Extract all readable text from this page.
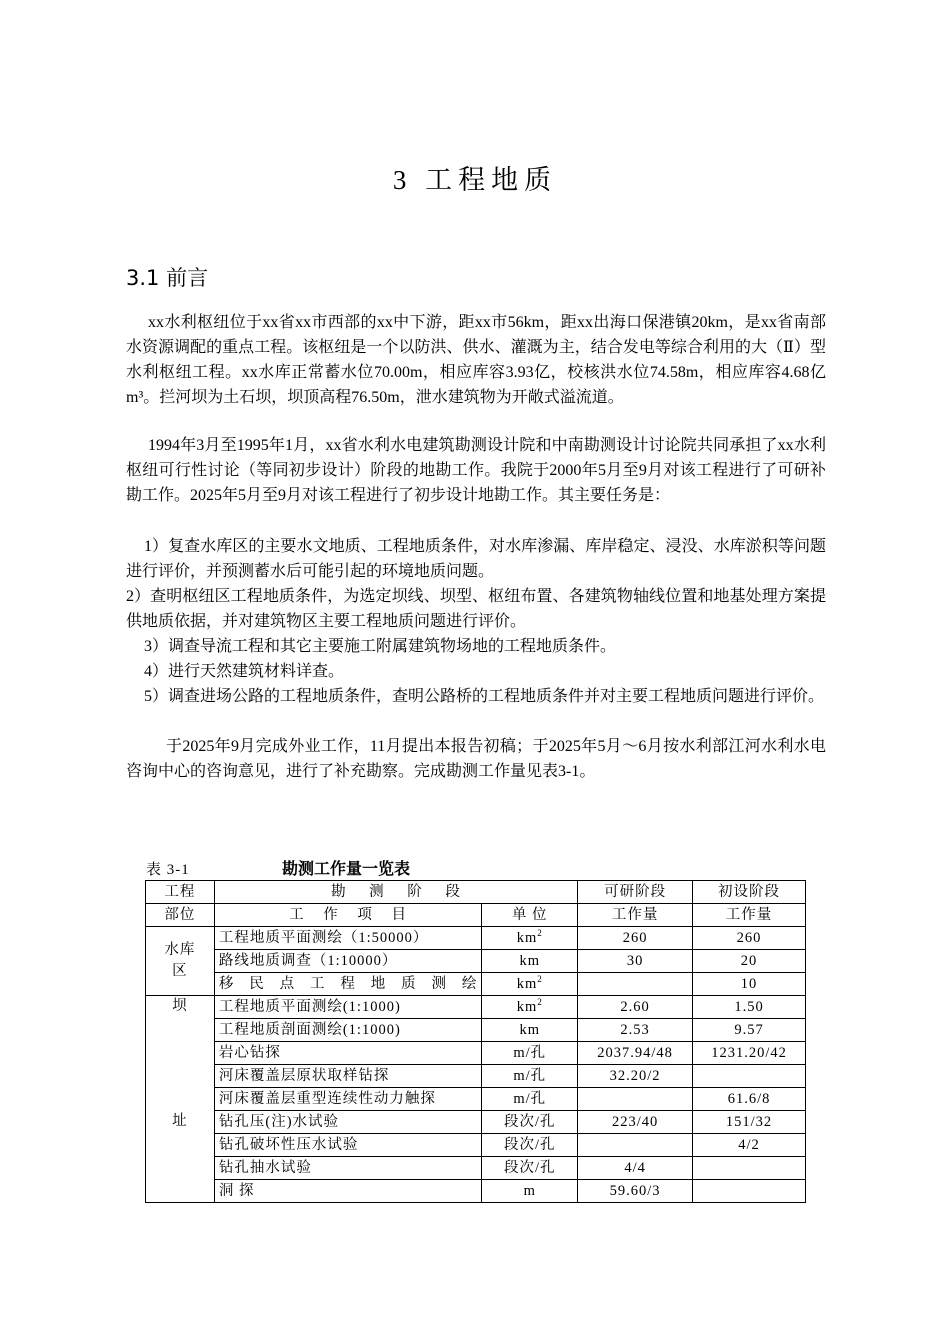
3 工程地质
3.1 前言

xx水利枢纽位于xx省xx市西部的xx中下游，距xx市56km，距xx出海口保港镇20km，是xx省南部水资源调配的重点工程。该枢纽是一个以防洪、供水、灌溉为主，结合发电等综合利用的大（Ⅱ）型水利枢纽工程。xx水库正常蓄水位70.00m，相应库容3.93亿，校核洪水位74.58m，相应库容4.68亿m³。拦河坝为土石坝，坝顶高程76.50m，泄水建筑物为开敞式溢流道。

1994年3月至1995年1月，xx省水利水电建筑勘测设计院和中南勘测设计讨论院共同承担了xx水利枢纽可行性讨论（等同初步设计）阶段的地勘工作。我院于2000年5月至9月对该工程进行了可研补勘工作。2025年5月至9月对该工程进行了初步设计地勘工作。其主要任务是：

1）复查水库区的主要水文地质、工程地质条件，对水库渗漏、库岸稳定、浸没、水库淤积等问题进行评价，并预测蓄水后可能引起的环境地质问题。

2）查明枢纽区工程地质条件，为选定坝线、坝型、枢纽布置、各建筑物轴线位置和地基处理方案提供地质依据，并对建筑物区主要工程地质问题进行评价。

3）调查导流工程和其它主要施工附属建筑物场地的工程地质条件。

4）进行天然建筑材料详查。

5）调查进场公路的工程地质条件，查明公路桥的工程地质条件并对主要工程地质问题进行评价。

于2025年9月完成外业工作，11月提出本报告初稿；于2025年5月～6月按水利部江河水利水电咨询中心的咨询意见，进行了补充勘察。完成勘测工作量见表3-1。

表 3-1	勘测工作量一览表
工程	勘 测 阶 段		可研阶段	初设阶段
部位	工 作 项 目	单 位	工作量	工作量

水库
区	工程地质平面测绘（1:50000）	$km^2$	260	260
	路线地质调查（1:10000）	km	30	20
	移民点工程地质测绘	$km^2$		10

坝
址	工程地质平面测绘(1:1000)	$km^2$	2.60	1.50
	工程地质剖面测绘(1:1000)	km	2.53	9.57
	岩心钻探	m/孔	2037.94/48	1231.20/42
	河床覆盖层原状取样钻探	m/孔	32.20/2	
	河床覆盖层重型连续性动力触探	m/孔		61.6/8
	钻孔压(注)水试验	段次/孔	223/40	151/32
	钻孔破坏性压水试验	段次/孔		4/2
	钻孔抽水试验	段次/孔	4/4	
	洞 探	m	59.60/3	
